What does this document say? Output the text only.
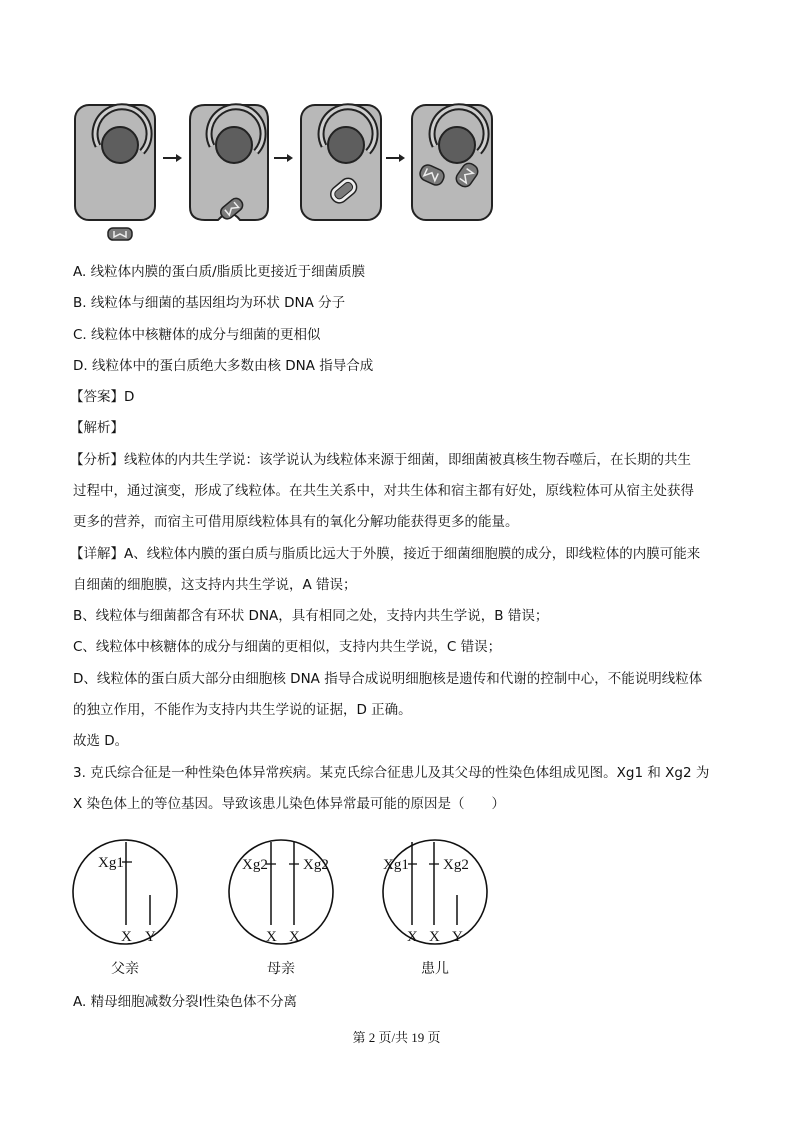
A. 线粒体内膜的蛋白质/脂质比更接近于细菌质膜
B. 线粒体与细菌的基因组均为环状 DNA 分子
C. 线粒体中核糖体的成分与细菌的更相似
D. 线粒体中的蛋白质绝大多数由核 DNA 指导合成
【答案】D
【解析】
【分析】线粒体的内共生学说：该学说认为线粒体来源于细菌，即细菌被真核生物吞噬后，在长期的共生
过程中，通过演变，形成了线粒体。在共生关系中，对共生体和宿主都有好处，原线粒体可从宿主处获得
更多的营养，而宿主可借用原线粒体具有的氧化分解功能获得更多的能量。
【详解】A、线粒体内膜的蛋白质与脂质比远大于外膜，接近于细菌细胞膜的成分，即线粒体的内膜可能来
自细菌的细胞膜，这支持内共生学说，A 错误；
B、线粒体与细菌都含有环状 DNA，具有相同之处，支持内共生学说，B 错误；
C、线粒体中核糖体的成分与细菌的更相似，支持内共生学说，C 错误；
D、线粒体的蛋白质大部分由细胞核 DNA 指导合成说明细胞核是遗传和代谢的控制中心，不能说明线粒体
的独立作用，不能作为支持内共生学说的证据，D 正确。
故选 D。
3. 克氏综合征是一种性染色体异常疾病。某克氏综合征患儿及其父母的性染色体组成见图。Xg1 和 Xg2 为
X 染色体上的等位基因。导致该患儿染色体异常最可能的原因是（　　）
Xg1
X Y
父亲
Xg2 Xg2
X X
母亲
Xg1 Xg2
X X Y
患儿
A. 精母细胞减数分裂Ⅰ性染色体不分离
第 2 页/共 19 页
